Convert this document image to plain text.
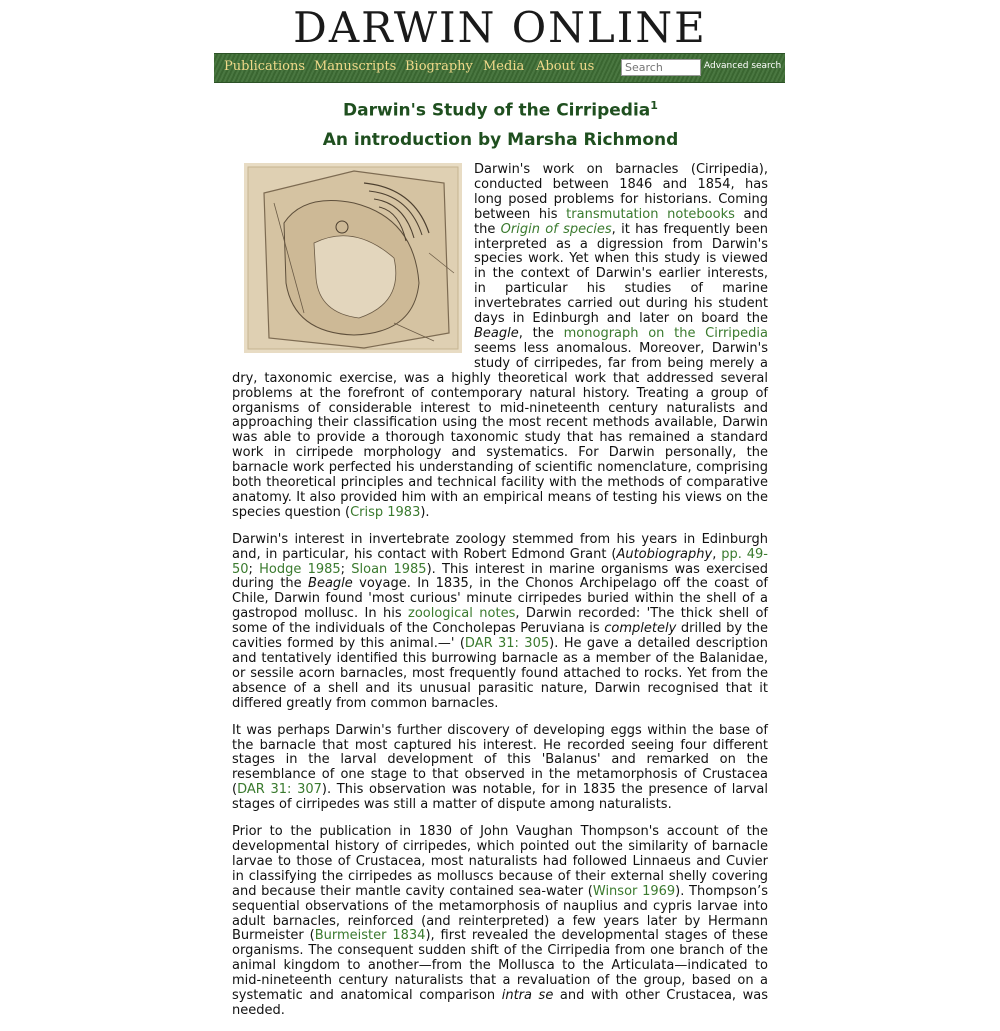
DARWIN ONLINE
Publications Manuscripts Biography Media About us
Search	Advanced search
Darwin's Study of the Cirripedia$^1$
An introduction by Marsha Richmond

Darwin's work on barnacles (Cirripedia), conducted between 1846 and 1854, has long posed problems for historians. Coming between his transmutation notebooks and the Origin of species, it has frequently been interpreted as a digression from Darwin's species work. Yet when this study is viewed in the context of Darwin's earlier interests, in particular his studies of marine invertebrates carried out during his student days in Edinburgh and later on board the Beagle, the monograph on the Cirripedia seems less anomalous. Moreover, Darwin's study of cirripedes, far from being merely a dry, taxonomic exercise, was a highly theoretical work that addressed several problems at the forefront of contemporary natural history. Treating a group of organisms of considerable interest to mid-nineteenth century naturalists and approaching their classification using the most recent methods available, Darwin was able to provide a thorough taxonomic study that has remained a standard work in cirripede morphology and systematics. For Darwin personally, the barnacle work perfected his understanding of scientific nomenclature, comprising both theoretical principles and technical facility with the methods of comparative anatomy. It also provided him with an empirical means of testing his views on the species question (Crisp 1983).

Darwin's interest in invertebrate zoology stemmed from his years in Edinburgh and, in particular, his contact with Robert Edmond Grant (Autobiography, pp. 49-50; Hodge 1985; Sloan 1985). This interest in marine organisms was exercised during the Beagle voyage. In 1835, in the Chonos Archipelago off the coast of Chile, Darwin found 'most curious' minute cirripedes buried within the shell of a gastropod mollusc. In his zoological notes, Darwin recorded: 'The thick shell of some of the individuals of the Concholepas Peruviana is completely drilled by the cavities formed by this animal.—' (DAR 31: 305). He gave a detailed description and tentatively identified this burrowing barnacle as a member of the Balanidae, or sessile acorn barnacles, most frequently found attached to rocks. Yet from the absence of a shell and its unusual parasitic nature, Darwin recognised that it differed greatly from common barnacles.

It was perhaps Darwin's further discovery of developing eggs within the base of the barnacle that most captured his interest. He recorded seeing four different stages in the larval development of this 'Balanus' and remarked on the resemblance of one stage to that observed in the metamorphosis of Crustacea (DAR 31: 307). This observation was notable, for in 1835 the presence of larval stages of cirripedes was still a matter of dispute among naturalists.

Prior to the publication in 1830 of John Vaughan Thompson's account of the developmental history of cirripedes, which pointed out the similarity of barnacle larvae to those of Crustacea, most naturalists had followed Linnaeus and Cuvier in classifying the cirripedes as molluscs because of their external shelly covering and because their mantle cavity contained sea-water (Winsor 1969). Thompson’s sequential observations of the metamorphosis of nauplius and cypris larvae into adult barnacles, reinforced (and reinterpreted) a few years later by Hermann Burmeister (Burmeister 1834), first revealed the developmental stages of these organisms. The consequent sudden shift of the Cirripedia from one branch of the animal kingdom to another—from the Mollusca to the Articulata—indicated to mid-nineteenth century naturalists that a revaluation of the group, based on a systematic and anatomical comparison intra se and with other Crustacea, was needed.
